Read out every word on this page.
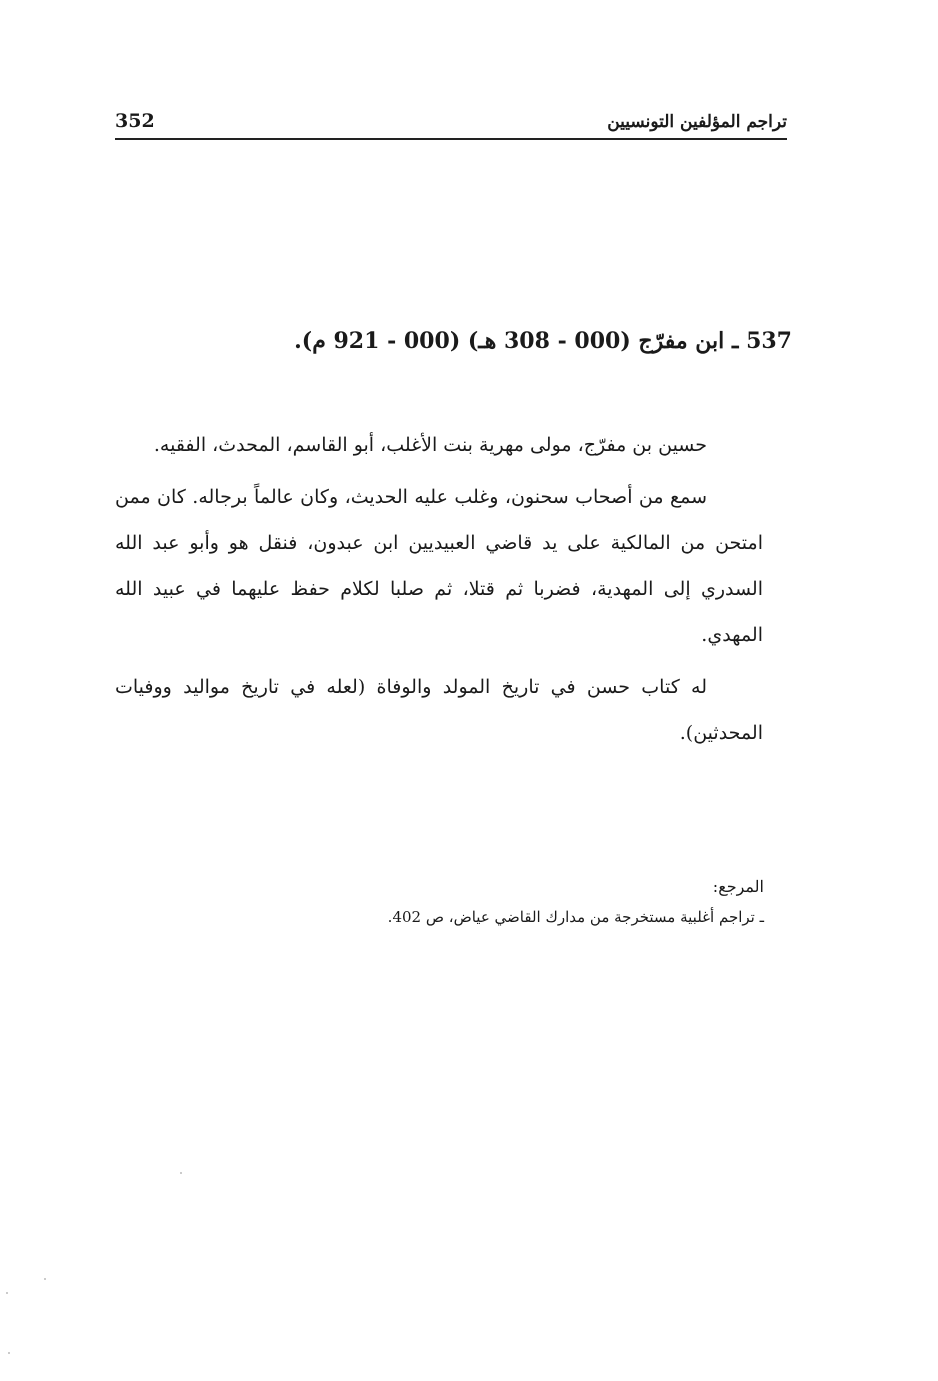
تراجم المؤلفين التونسيين
352
537 ـ ابن مفرّج (000 - 308 هـ) (000 - 921 م).

حسين بن مفرّج، مولى مهرية بنت الأغلب، أبو القاسم، المحدث، الفقيه.

سمع من أصحاب سحنون، وغلب عليه الحديث، وكان عالماً برجاله. كان ممن امتحن من المالكية على يد قاضي العبيديين ابن عبدون، فنقل هو وأبو عبد الله السدري إلى المهدية، فضربا ثم قتلا، ثم صلبا لكلام حفظ عليهما في عبيد الله المهدي.

له كتاب حسن في تاريخ المولد والوفاة (لعله في تاريخ مواليد ووفيات المحدثين).

المرجع:
ـ تراجم أغلبية مستخرجة من مدارك القاضي عياض، ص 402.
